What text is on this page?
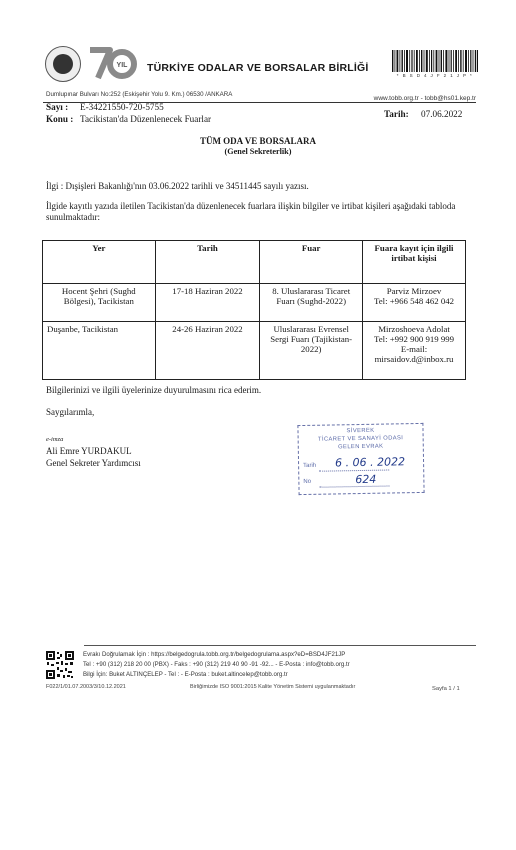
YIL TÜRKİYE ODALAR VE BORSALAR BİRLİĞİ
* B S D 4 J F 2 1 J P *
Dumlupınar Bulvarı No:252 (Eskişehir Yolu 9. Km.) 06530 /ANKARA
www.tobb.org.tr - tobb@hs01.kep.tr
Sayı : E-34221550-720-5755
Konu : Tacikistan'da Düzenlenecek Fuarlar	Tarih: 07.06.2022
TÜM ODA VE BORSALARA
(Genel Sekreterlik)
İlgi : Dışişleri Bakanlığı'nın 03.06.2022 tarihli ve 34511445 sayılı yazısı.
İlgide kayıtlı yazıda iletilen Tacikistan'da düzenlenecek fuarlara ilişkin bilgiler ve irtibat kişileri aşağıdaki tabloda sunulmaktadır:
Yer	Tarih	Fuar	Fuara kayıt için ilgili irtibat kişisi
Hocent Şehri (Sughd Bölgesi), Tacikistan	17-18 Haziran 2022	8. Uluslararası Ticaret Fuarı (Sughd-2022)	Parviz Mirzoev
Tel: +966 548 462 042
Duşanbe, Tacikistan	24-26 Haziran 2022	Uluslararası Evrensel Sergi Fuarı (Tajikistan-2022)	Mirzoshoeva Adolat
Tel: +992 900 919 999
E-mail:
mirsaidov.d@inbox.ru
Bilgilerinizi ve ilgili üyelerinize duyurulmasını rica ederim.
Saygılarımla,
e-imza
Ali Emre YURDAKUL
Genel Sekreter Yardımcısı
SİVEREK
TİCARET VE SANAYİ ODASI
GELEN EVRAK
Tarih 6 . 06 . 2022
No	624
Evrakı Doğrulamak İçin : https://belgedogrula.tobb.org.tr/belgedogrulama.aspx?eD=BSD4JF21JP
Tel : +90 (312) 218 20 00 (PBX) - Faks : +90 (312) 219 40 90 -91 -92... - E-Posta : info@tobb.org.tr
Bilgi İçin: Buket ALTINÇELEP - Tel : - E-Posta : buket.altincelep@tobb.org.tr
F022/1/01.07.2003/3/10.12.2021	Birliğimizde ISO 9001:2015 Kalite Yönetim Sistemi uygulanmaktadır	Sayfa 1 / 1
